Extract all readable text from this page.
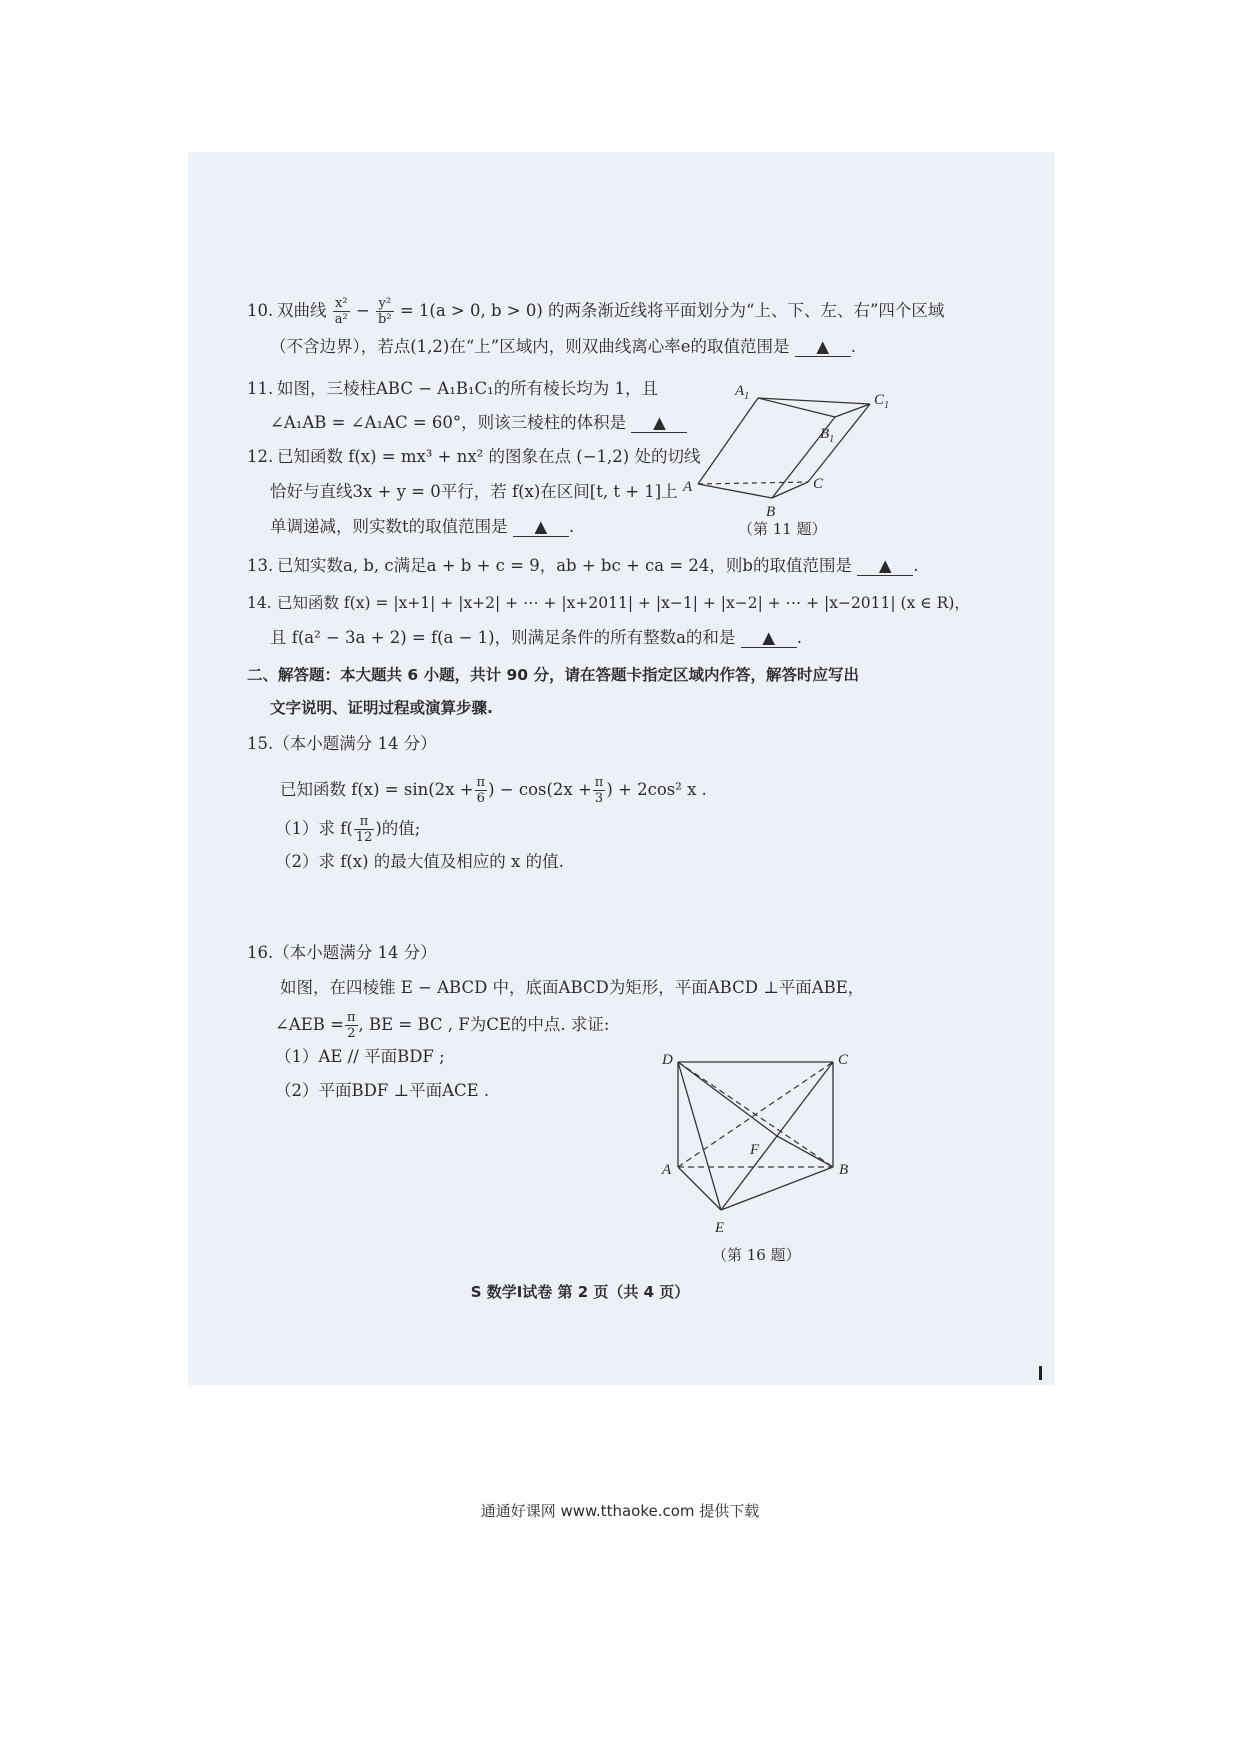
10. 双曲线 $\frac{\text{x²}}{\text{a²}} - \frac{\text{y²}}{\text{b²}} = 1(a > 0$, b > 0) 的两条渐近线将平面划分为“上、下、左、右”四个区域
（不含边界），若点(1,2)在“上”区域内，则双曲线离心率e的取值范围是 ▲ .
11. 如图，三棱柱ABC − A₁B₁C₁的所有棱长均为 1，且
∠A₁AB = ∠A₁AC = 60°，则该三棱柱的体积是 ▲
12. 已知函数 f(x) = mx³ + nx² 的图象在点 (−1,2) 处的切线
恰好与直线3x + y = 0平行，若 f(x)在区间[t, t + 1]上
单调递减，则实数t的取值范围是 ▲ .
$A_1$
$B_1$
$C_1$
A
B
C
（第 11 题）
13. 已知实数a, b, c满足a + b + c = 9，ab + bc + ca = 24，则b的取值范围是 ▲ .
14. 已知函数 f(x) = |x+1| + |x+2| + ⋯ + |x+2011| + |x−1| + |x−2| + ⋯ + |x−2011| (x ∈ R)，
且 f(a² − 3a + 2) = f(a − 1)，则满足条件的所有整数a的和是 ▲ .
二、解答题：本大题共 6 小题，共计 90 分，请在答题卡指定区域内作答，解答时应写出
文字说明、证明过程或演算步骤.
15.（本小题满分 14 分）
已知函数 $f(x) = \sin(2x + \frac{\pi}{6}$ ) − $\cos(2x + \frac{\pi}{3}$ ) + 2cos² x .
（1）求 $f( \frac{\pi}{12}$ )的值;
（2）求 f(x) 的最大值及相应的 x 的值.
16.（本小题满分 14 分）
如图，在四棱锥 E − ABCD 中，底面ABCD为矩形，平面ABCD ⊥平面ABE，
∠AEB = $\frac{\pi}{2}$ , BE = BC , F为CE的中点. 求证:
（1）AE // 平面BDF ;
（2）平面BDF ⊥平面ACE .
D	C
A	B
F
E
（第 16 题）
S 数学Ⅰ试卷 第 2 页（共 4 页）
通通好课网 www.tthaoke.com 提供下载
